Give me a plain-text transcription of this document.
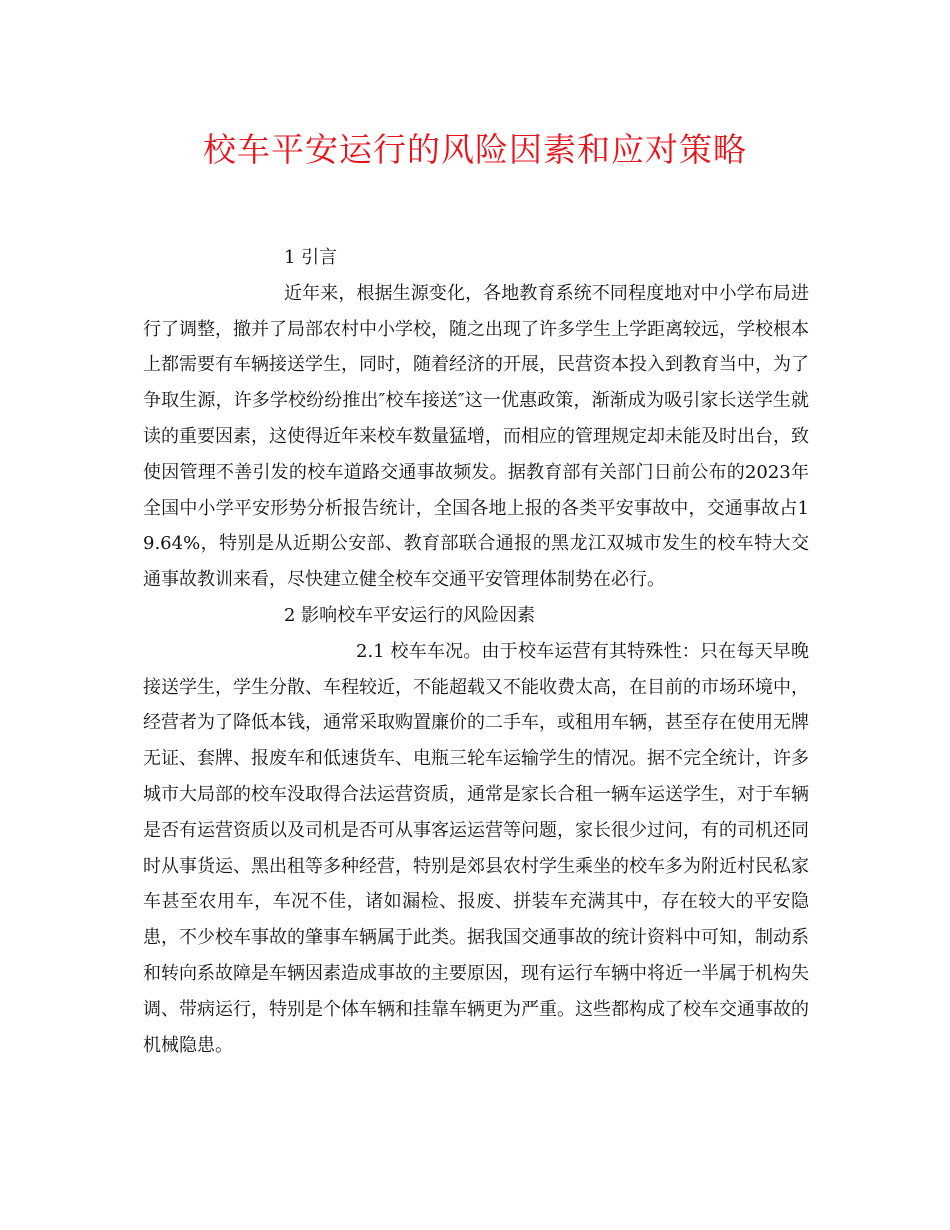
校车平安运行的风险因素和应对策略

1 引言

近年来，根据生源变化，各地教育系统不同程度地对中小学布局进行了调整，撤并了局部农村中小学校，随之出现了许多学生上学距离较远，学校根本上都需要有车辆接送学生，同时，随着经济的开展，民营资本投入到教育当中，为了争取生源，许多学校纷纷推出″校车接送″这一优惠政策，渐渐成为吸引家长送学生就读的重要因素，这使得近年来校车数量猛增，而相应的管理规定却未能及时出台，致使因管理不善引发的校车道路交通事故频发。据教育部有关部门日前公布的2023年全国中小学平安形势分析报告统计，全国各地上报的各类平安事故中，交通事故占19.64%，特别是从近期公安部、教育部联合通报的黑龙江双城市发生的校车特大交通事故教训来看，尽快建立健全校车交通平安管理体制势在必行。

2 影响校车平安运行的风险因素

2.1 校车车况。由于校车运营有其特殊性：只在每天早晚接送学生，学生分散、车程较近，不能超载又不能收费太高，在目前的市场环境中，经营者为了降低本钱，通常采取购置廉价的二手车，或租用车辆，甚至存在使用无牌无证、套牌、报废车和低速货车、电瓶三轮车运输学生的情况。据不完全统计，许多城市大局部的校车没取得合法运营资质，通常是家长合租一辆车运送学生，对于车辆是否有运营资质以及司机是否可从事客运运营等问题，家长很少过问，有的司机还同时从事货运、黑出租等多种经营，特别是郊县农村学生乘坐的校车多为附近村民私家车甚至农用车，车况不佳，诸如漏检、报废、拼装车充满其中，存在较大的平安隐患，不少校车事故的肇事车辆属于此类。据我国交通事故的统计资料中可知，制动系和转向系故障是车辆因素造成事故的主要原因，现有运行车辆中将近一半属于机构失调、带病运行，特别是个体车辆和挂靠车辆更为严重。这些都构成了校车交通事故的机械隐患。
